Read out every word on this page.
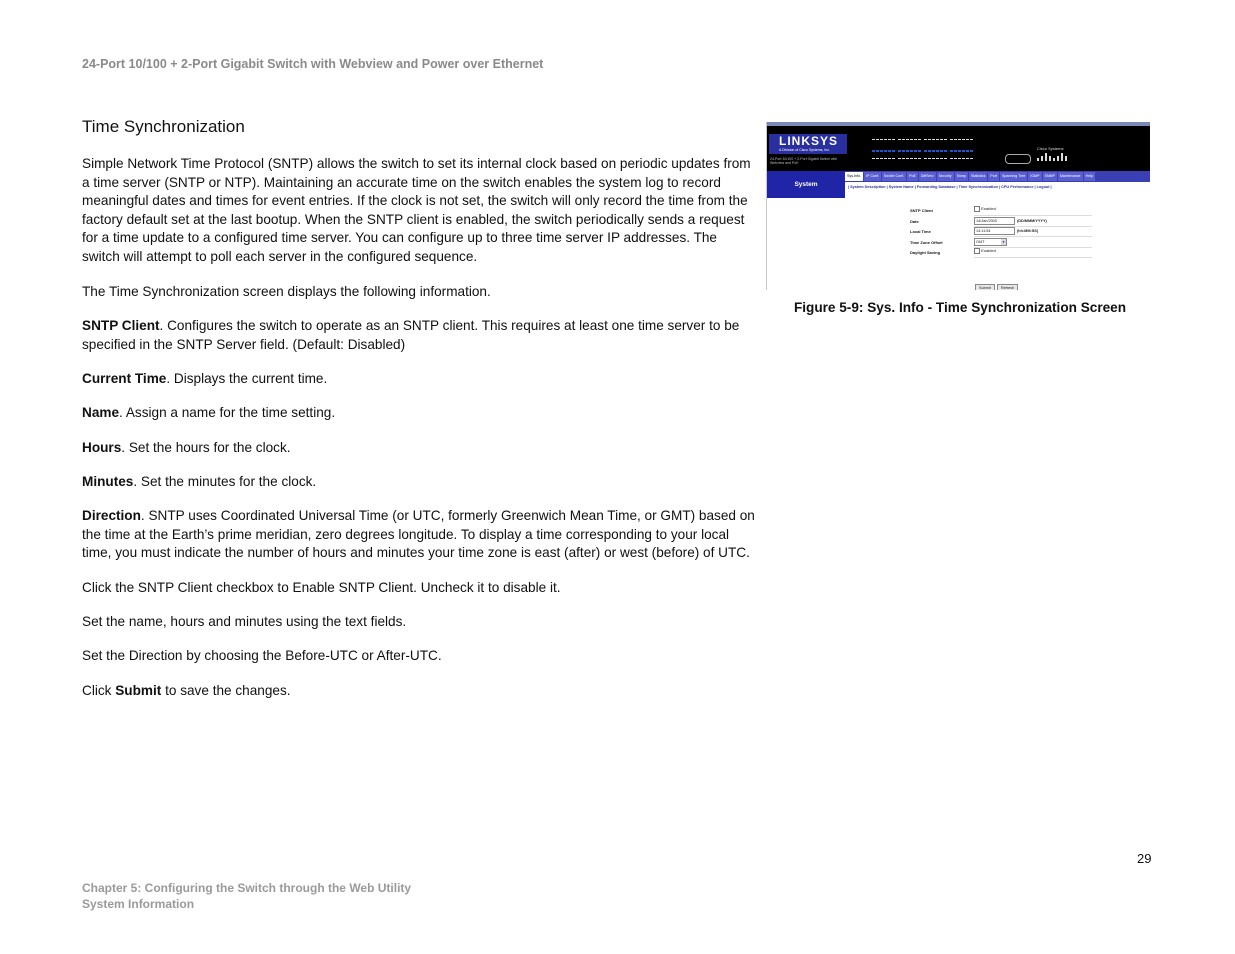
24-Port 10/100 + 2-Port Gigabit Switch with Webview and Power over Ethernet
Time Synchronization

Simple Network Time Protocol (SNTP) allows the switch to set its internal clock based on periodic updates from a time server (SNTP or NTP). Maintaining an accurate time on the switch enables the system log to record meaningful dates and times for event entries. If the clock is not set, the switch will only record the time from the factory default set at the last bootup. When the SNTP client is enabled, the switch periodically sends a request for a time update to a configured time server. You can configure up to three time server IP addresses. The switch will attempt to poll each server in the configured sequence.

The Time Synchronization screen displays the following information.

SNTP Client. Configures the switch to operate as an SNTP client. This requires at least one time server to be specified in the SNTP Server field. (Default: Disabled)

Current Time. Displays the current time.

Name. Assign a name for the time setting.

Hours. Set the hours for the clock.

Minutes. Set the minutes for the clock.

Direction. SNTP uses Coordinated Universal Time (or UTC, formerly Greenwich Mean Time, or GMT) based on the time at the Earth’s prime meridian, zero degrees longitude. To display a time corresponding to your local time, you must indicate the number of hours and minutes your time zone is east (after) or west (before) of UTC.

Click the SNTP Client checkbox to Enable SNTP Client. Uncheck it to disable it.

Set the name, hours and minutes using the text fields.

Set the Direction by choosing the Before-UTC or After-UTC.

Click Submit to save the changes.

LINKSYS
A Division of Cisco Systems, Inc.
24-Port 10/100 + 2-Port Gigabit Switch with Webview and PoE
Cisco Systems
System
Sys.Info.	IP Conf.	Switch Conf.	PoE	DiffServ	Security	Snmp	Statistics	Port	Spanning Tree	IGMP	SNMP	Maintenance	Help
| System Description | System Name | Forwarding Database | Time Synchronization | CPU Performance | Logout |
SNTP Client	Enabled
Date	14/Jan/2000	(DD/MMM/YYYY)
Local Time	14:11:54	(hh:MM:SS)
Time Zone Offset	GMT	▼
Daylight Saving	Enabled
Submit	Refresh
Figure 5-9: Sys. Info - Time Synchronization Screen
29
Chapter 5: Configuring the Switch through the Web Utility
System Information
